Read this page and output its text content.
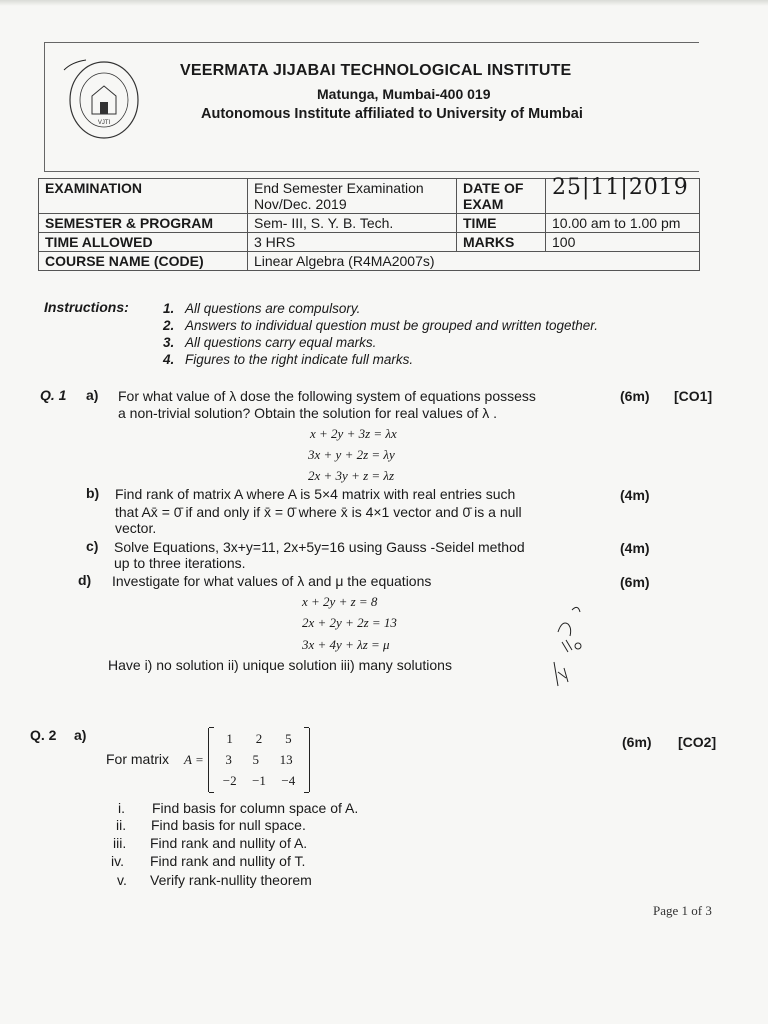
VJTI
VEERMATA JIJABAI TECHNOLOGICAL INSTITUTE
Matunga, Mumbai-400 019
Autonomous Institute affiliated to University of Mumbai
EXAMINATION	End Semester Examination Nov/Dec. 2019	DATE OF EXAM	25|11|2019
SEMESTER & PROGRAM	Sem- III, S. Y. B. Tech.	TIME	10.00 am to 1.00 pm
TIME ALLOWED	3 HRS	MARKS	100
COURSE NAME (CODE)	Linear Algebra (R4MA2007s)		
Instructions:	1. All questions are compulsory.
2. Answers to individual question must be grouped and written together.
3. All questions carry equal marks.
4. Figures to the right indicate full marks.
Q. 1 a) For what value of λ dose the following system of equations possess
a non-trivial solution? Obtain the solution for real values of λ .
(6m) [CO1]
x + 2y + 3z = λx
3x + y + 2z = λy
2x + 3y + z = λz
b) Find rank of matrix A where A is 5×4 matrix with real entries such
that Ax̄ = 0̄ if and only if x̄ = 0̄ where x̄ is 4×1 vector and 0̄ is a null
vector.
(4m)
c) Solve Equations, 3x+y=11, 2x+5y=16 using Gauss -Seidel method
up to three iterations.
(4m)
d) Investigate for what values of λ and μ the equations	(6m)
x + 2y + z = 8
2x + 2y + 2z = 13
3x + 4y + λz = μ
Have i) no solution ii) unique solution iii) many solutions
Q. 2 a)	(6m) [CO2]
For matrix A =
1 2 5
3 5 13
−2 −1 −4
i. Find basis for column space of A.
ii. Find basis for null space.
iii. Find rank and nullity of A.
iv. Find rank and nullity of T.
v. Verify rank-nullity theorem
Page 1 of 3
